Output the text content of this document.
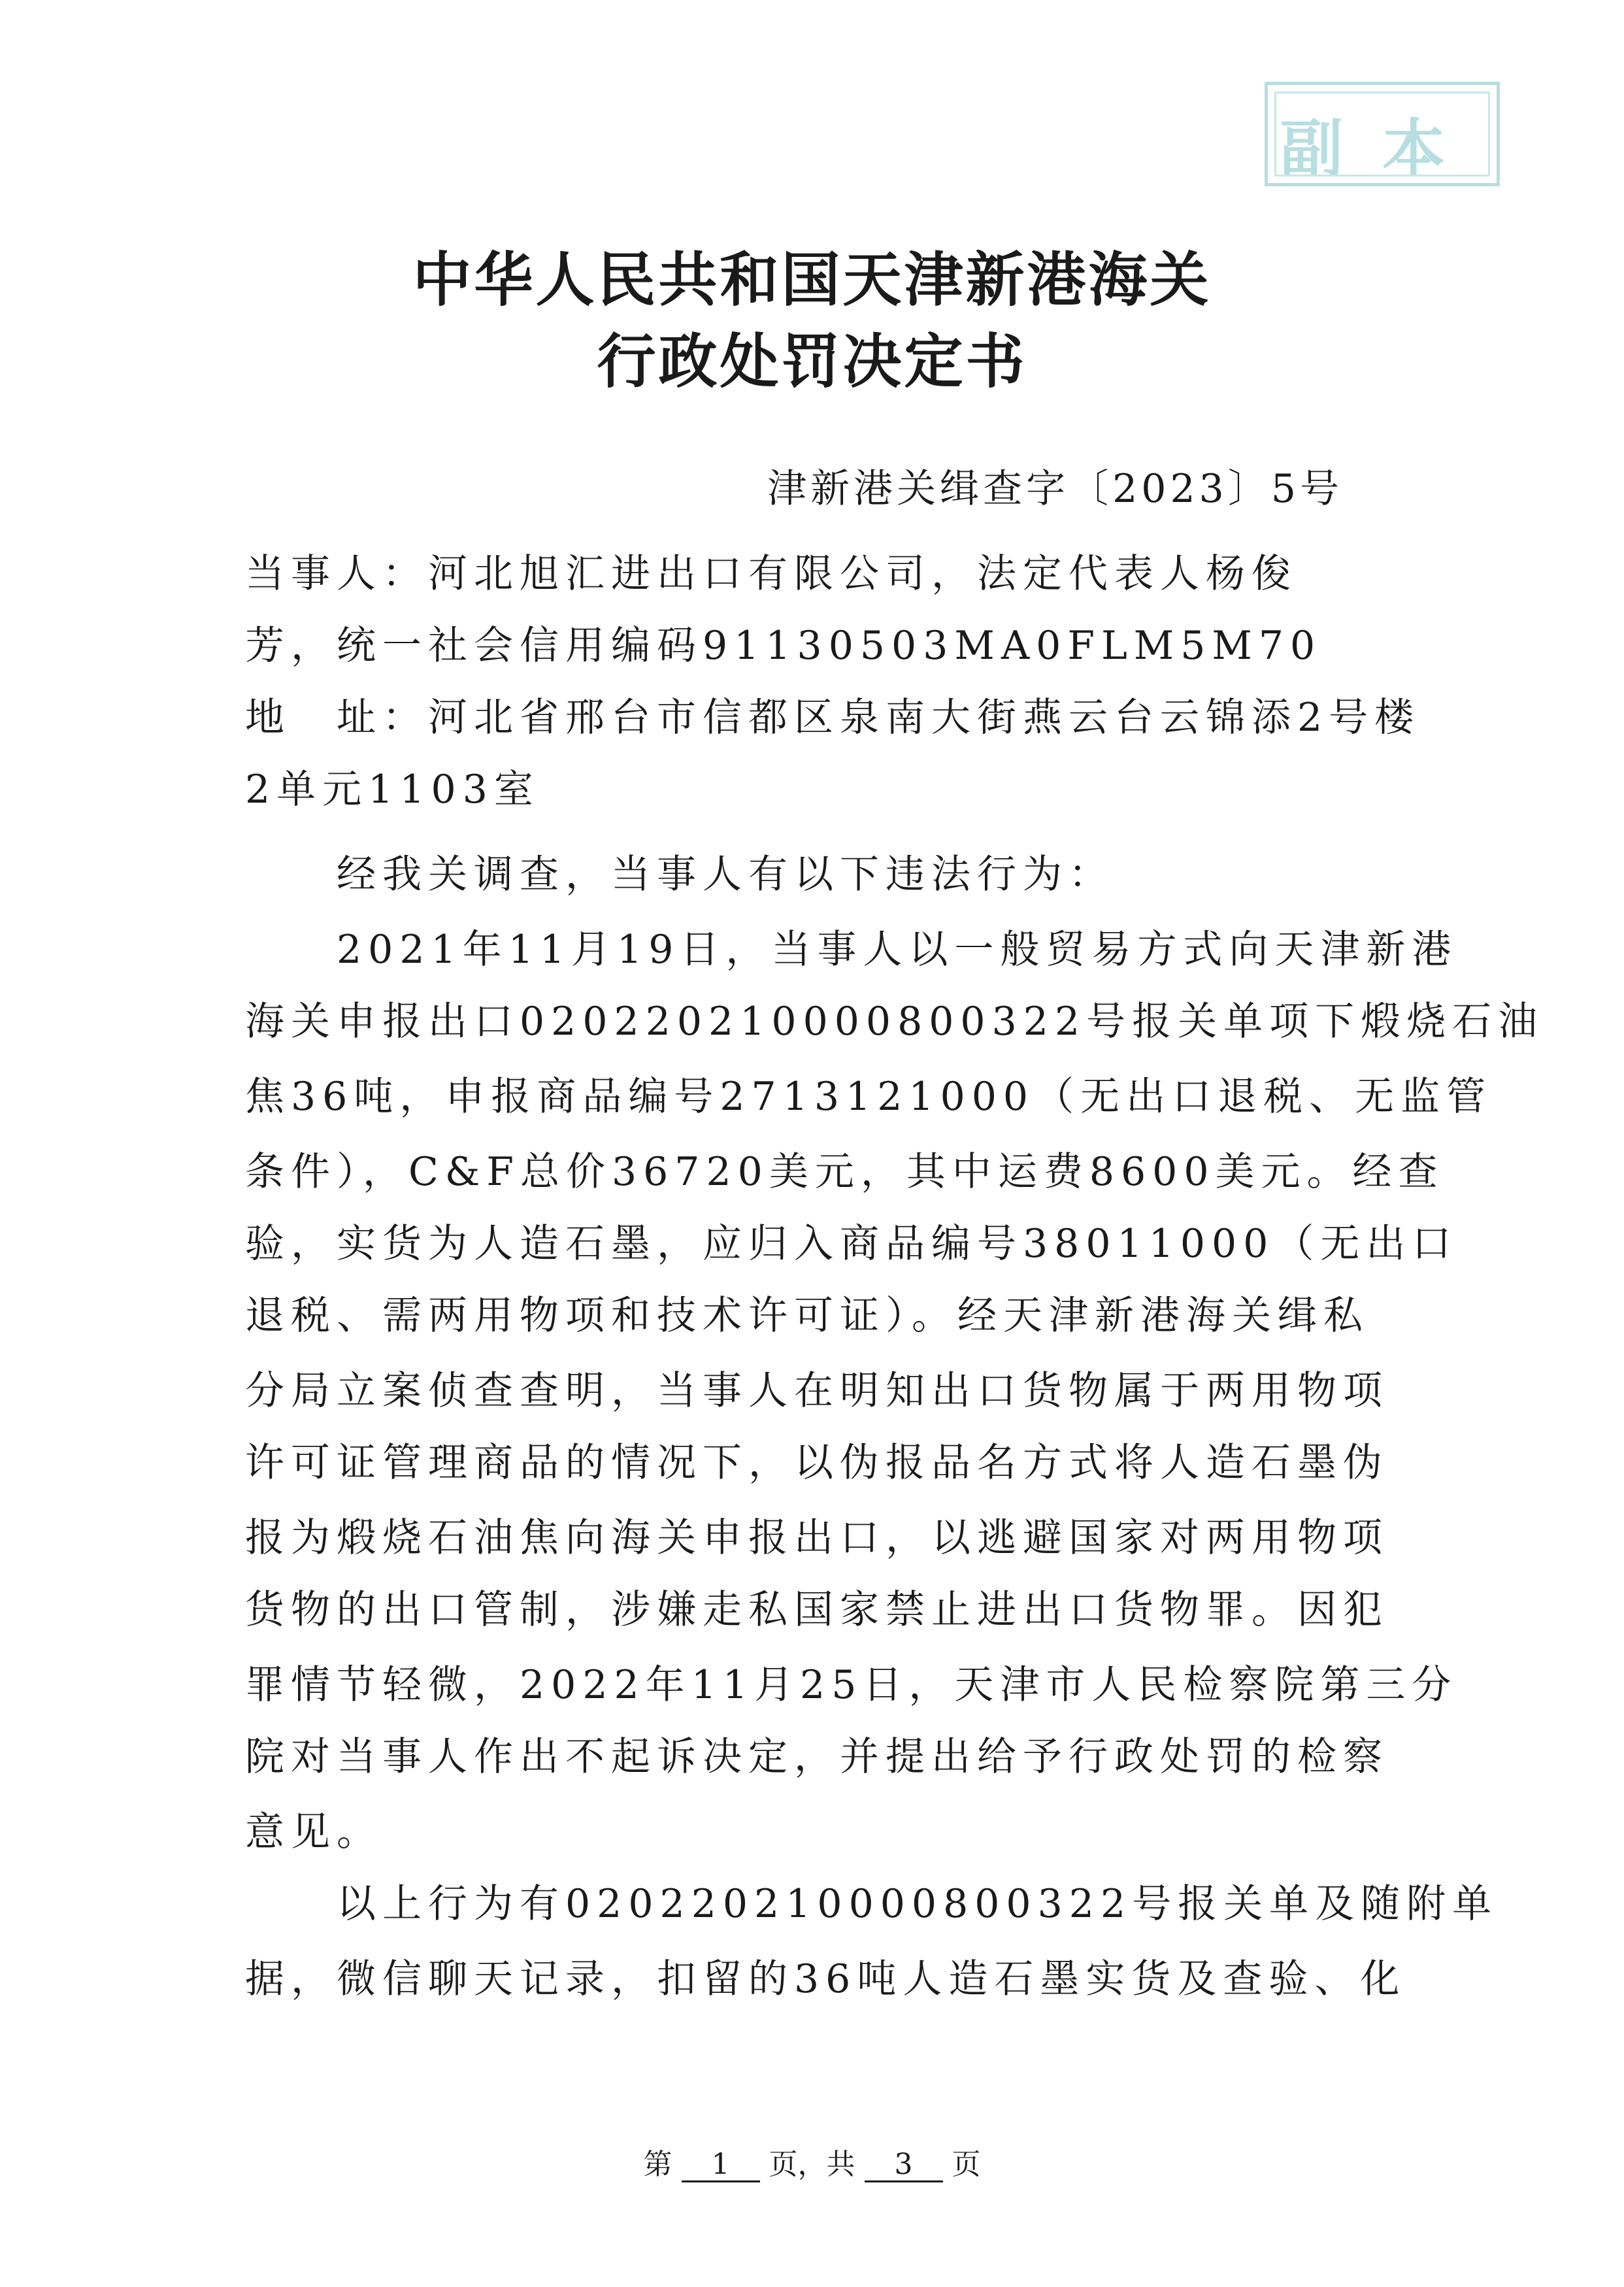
副本
中华人民共和国天津新港海关
行政处罚决定书
津新港关缉查字〔2023〕5号
当事人：河北旭汇进出口有限公司，法定代表人杨俊
芳，统一社会信用编码91130503MA0FLM5M70
地　址：河北省邢台市信都区泉南大街燕云台云锦添2号楼
2单元1103室
　　经我关调查，当事人有以下违法行为：
　　2021年11月19日，当事人以一般贸易方式向天津新港
海关申报出口020220210000800322号报关单项下煅烧石油
焦36吨，申报商品编号2713121000（无出口退税、无监管
条件），C&F总价36720美元，其中运费8600美元。经查
验，实货为人造石墨，应归入商品编号38011000（无出口
退税、需两用物项和技术许可证）。经天津新港海关缉私
分局立案侦查查明，当事人在明知出口货物属于两用物项
许可证管理商品的情况下，以伪报品名方式将人造石墨伪
报为煅烧石油焦向海关申报出口，以逃避国家对两用物项
货物的出口管制，涉嫌走私国家禁止进出口货物罪。因犯
罪情节轻微，2022年11月25日，天津市人民检察院第三分
院对当事人作出不起诉决定，并提出给予行政处罚的检察
意见。
　　以上行为有020220210000800322号报关单及随附单
据，微信聊天记录，扣留的36吨人造石墨实货及查验、化
第 1 页，共 3 页
